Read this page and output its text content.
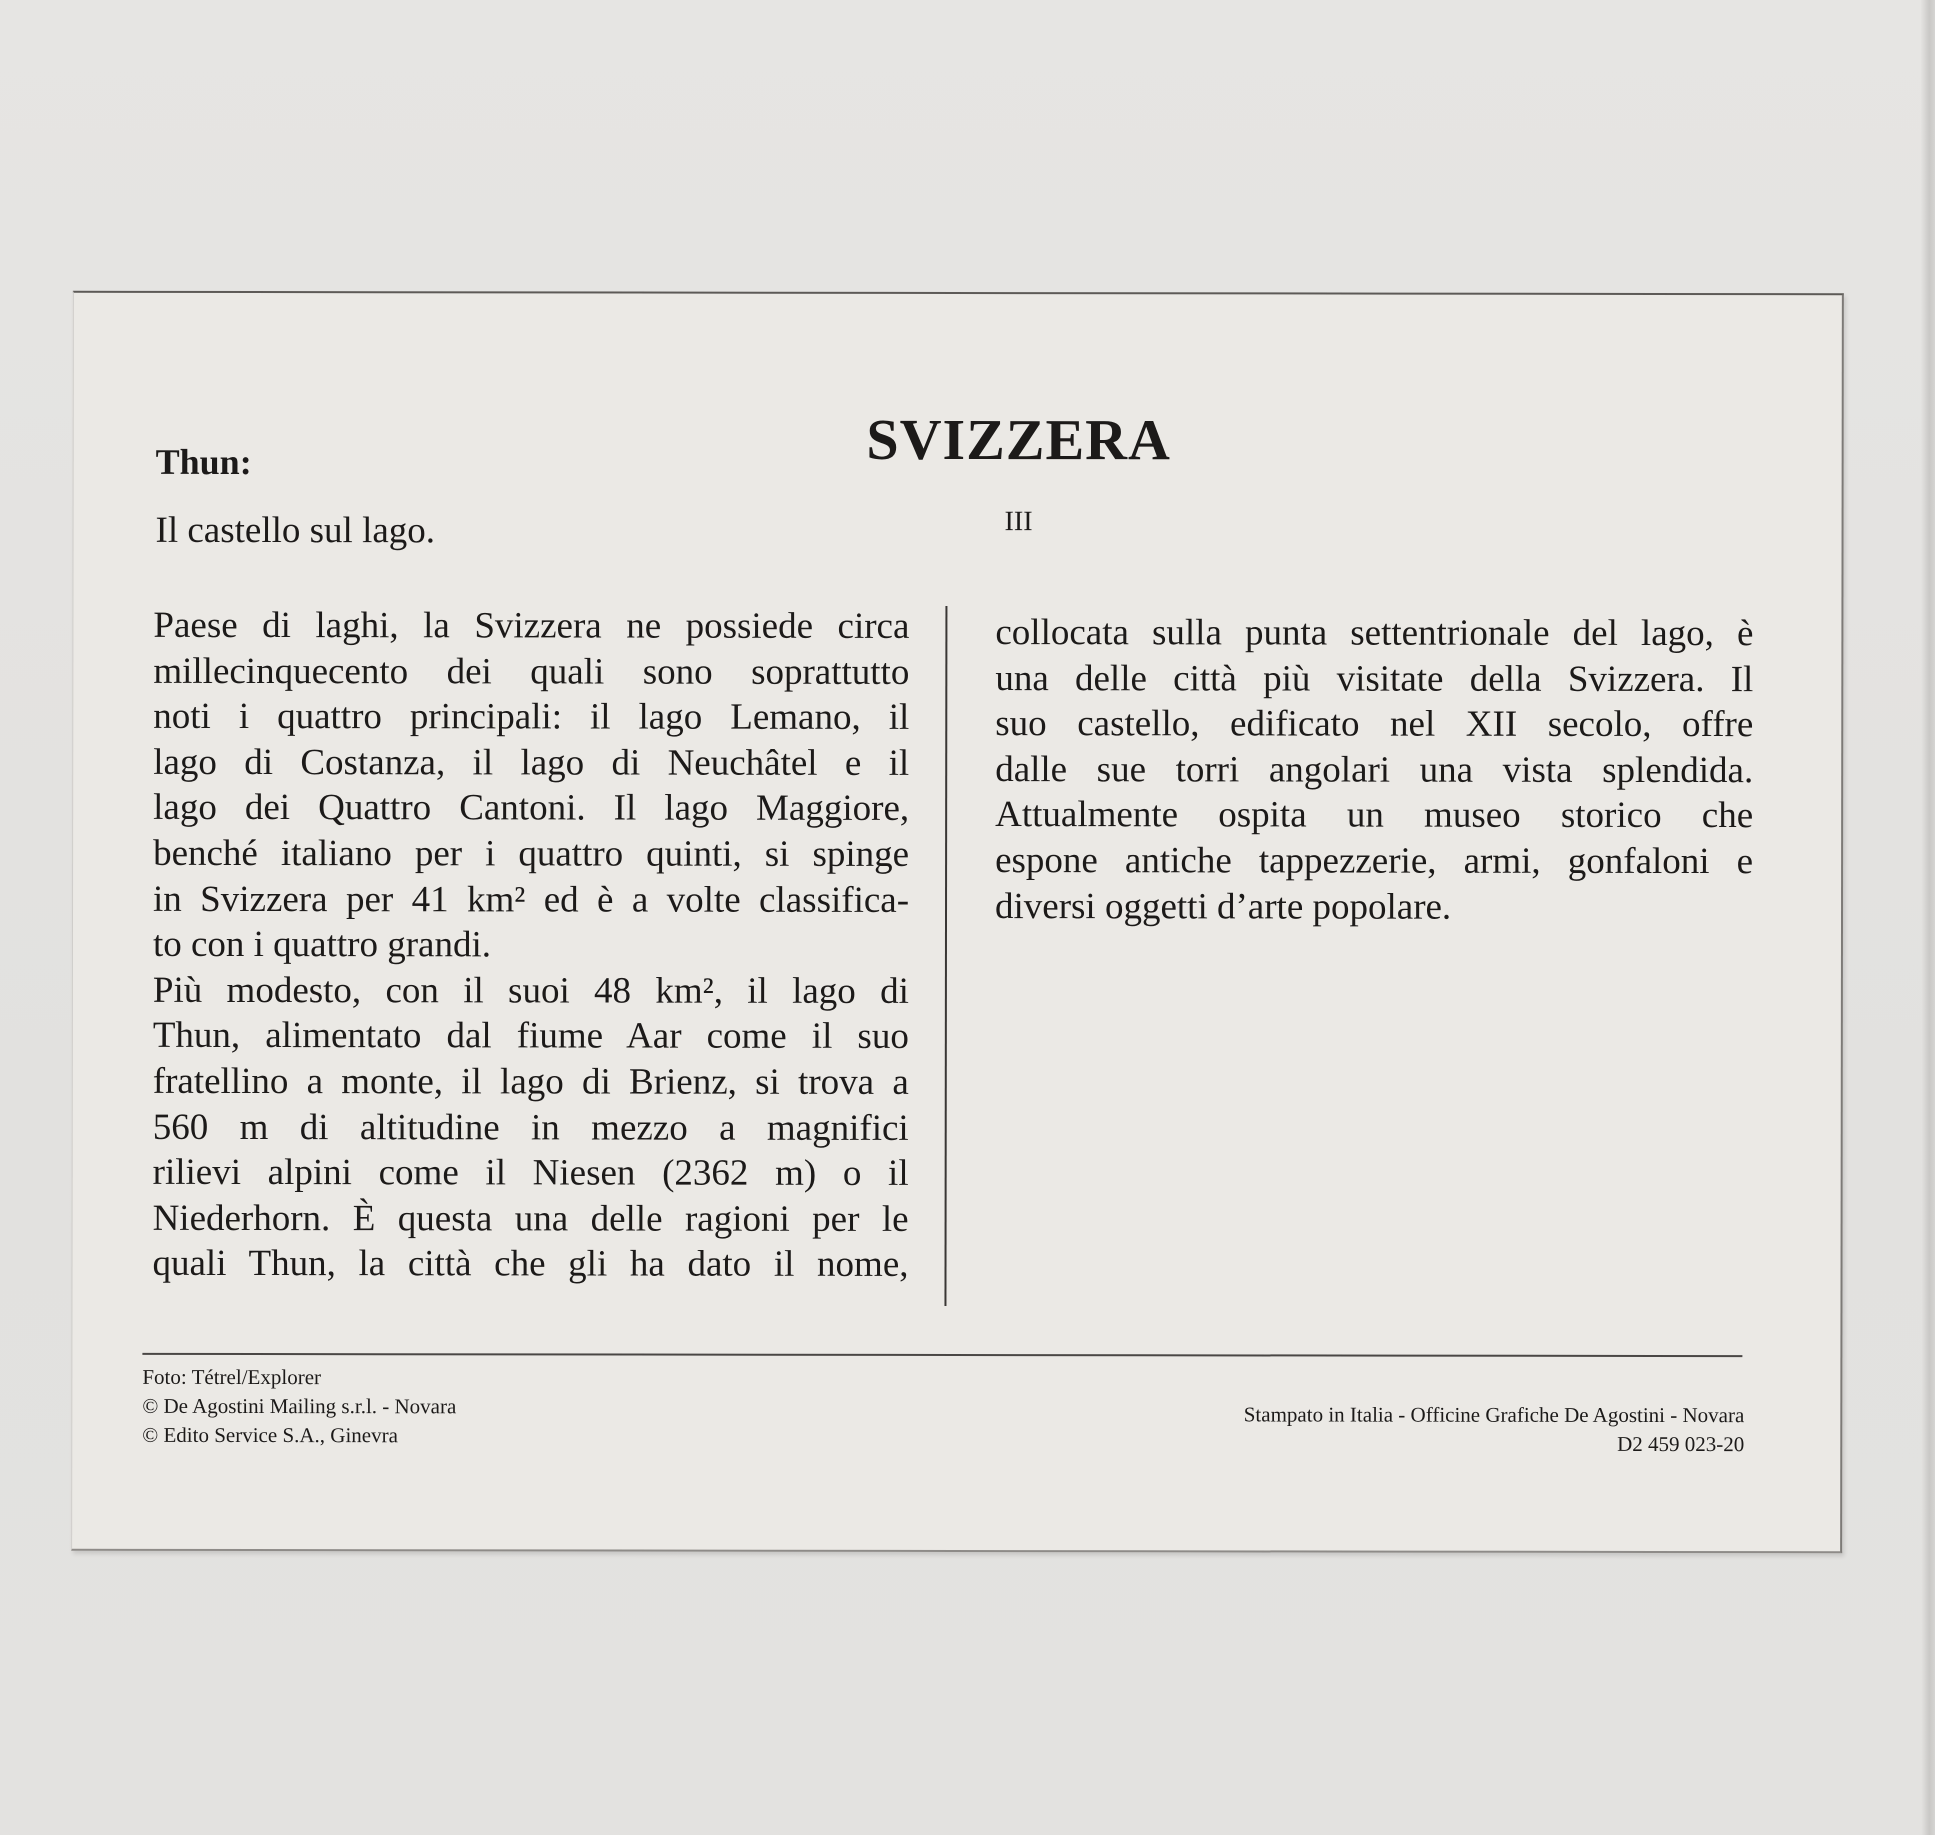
SVIZZERA
III
Thun:
Il castello sul lago.
Paese di laghi, la Svizzera ne possiede circa
millecinquecento dei quali sono soprattutto
noti i quattro principali: il lago Lemano, il
lago di Costanza, il lago di Neuchâtel e il
lago dei Quattro Cantoni. Il lago Maggiore,
benché italiano per i quattro quinti, si spinge
in Svizzera per 41 km² ed è a volte classifica-
to con i quattro grandi.
Più modesto, con il suoi 48 km², il lago di
Thun, alimentato dal fiume Aar come il suo
fratellino a monte, il lago di Brienz, si trova a
560 m di altitudine in mezzo a magnifici
rilievi alpini come il Niesen (2362 m) o il
Niederhorn. È questa una delle ragioni per le
quali Thun, la città che gli ha dato il nome,
collocata sulla punta settentrionale del lago, è
una delle città più visitate della Svizzera. Il
suo castello, edificato nel XII secolo, offre
dalle sue torri angolari una vista splendida.
Attualmente ospita un museo storico che
espone antiche tappezzerie, armi, gonfaloni e
diversi oggetti d’arte popolare.
Foto: Tétrel/Explorer
© De Agostini Mailing s.r.l. - Novara
© Edito Service S.A., Ginevra
Stampato in Italia - Officine Grafiche De Agostini - Novara
D2 459 023-20
